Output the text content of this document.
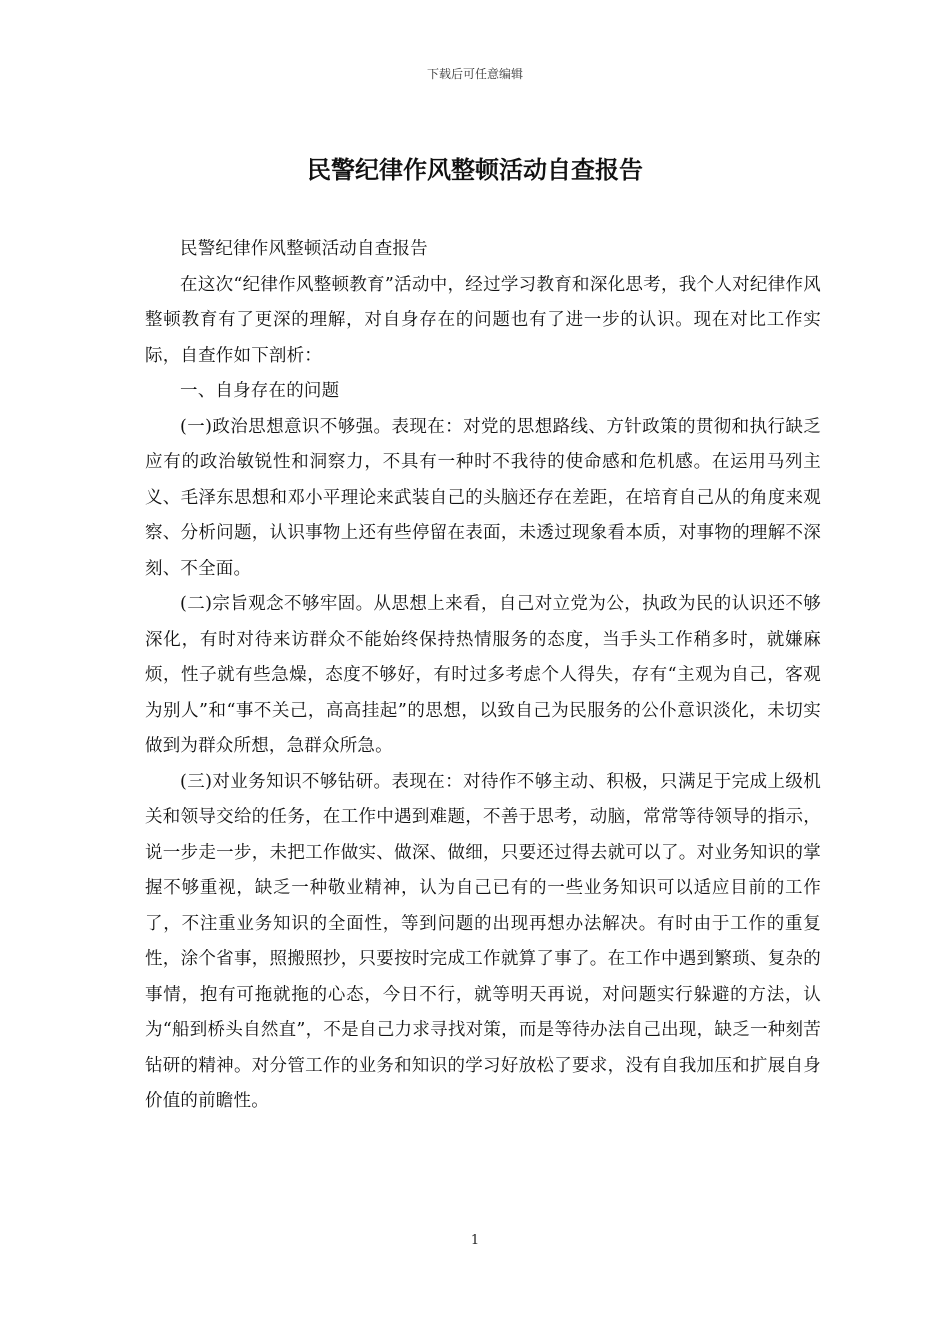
下载后可任意编辑
民警纪律作风整顿活动自查报告

民警纪律作风整顿活动自查报告

在这次“纪律作风整顿教育”活动中，经过学习教育和深化思考，我个人对纪律作风整顿教育有了更深的理解，对自身存在的问题也有了进一步的认识。现在对比工作实际，自查作如下剖析：

一、自身存在的问题

(一)政治思想意识不够强。表现在：对党的思想路线、方针政策的贯彻和执行缺乏应有的政治敏锐性和洞察力，不具有一种时不我待的使命感和危机感。在运用马列主义、毛泽东思想和邓小平理论来武装自己的头脑还存在差距，在培育自己从的角度来观察、分析问题，认识事物上还有些停留在表面，未透过现象看本质，对事物的理解不深刻、不全面。

(二)宗旨观念不够牢固。从思想上来看，自己对立党为公，执政为民的认识还不够深化，有时对待来访群众不能始终保持热情服务的态度，当手头工作稍多时，就嫌麻烦，性子就有些急燥，态度不够好，有时过多考虑个人得失，存有“主观为自己，客观为别人”和“事不关己，高高挂起”的思想，以致自己为民服务的公仆意识淡化，未切实做到为群众所想，急群众所急。

(三)对业务知识不够钻研。表现在：对待作不够主动、积极，只满足于完成上级机关和领导交给的任务，在工作中遇到难题，不善于思考，动脑，常常等待领导的指示，说一步走一步，未把工作做实、做深、做细，只要还过得去就可以了。对业务知识的掌握不够重视，缺乏一种敬业精神，认为自己已有的一些业务知识可以适应目前的工作了，不注重业务知识的全面性，等到问题的出现再想办法解决。有时由于工作的重复性，涂个省事，照搬照抄，只要按时完成工作就算了事了。在工作中遇到繁琐、复杂的事情，抱有可拖就拖的心态，今日不行，就等明天再说，对问题实行躲避的方法，认为“船到桥头自然直”，不是自己力求寻找对策，而是等待办法自己出现，缺乏一种刻苦钻研的精神。对分管工作的业务和知识的学习好放松了要求，没有自我加压和扩展自身价值的前瞻性。

1
